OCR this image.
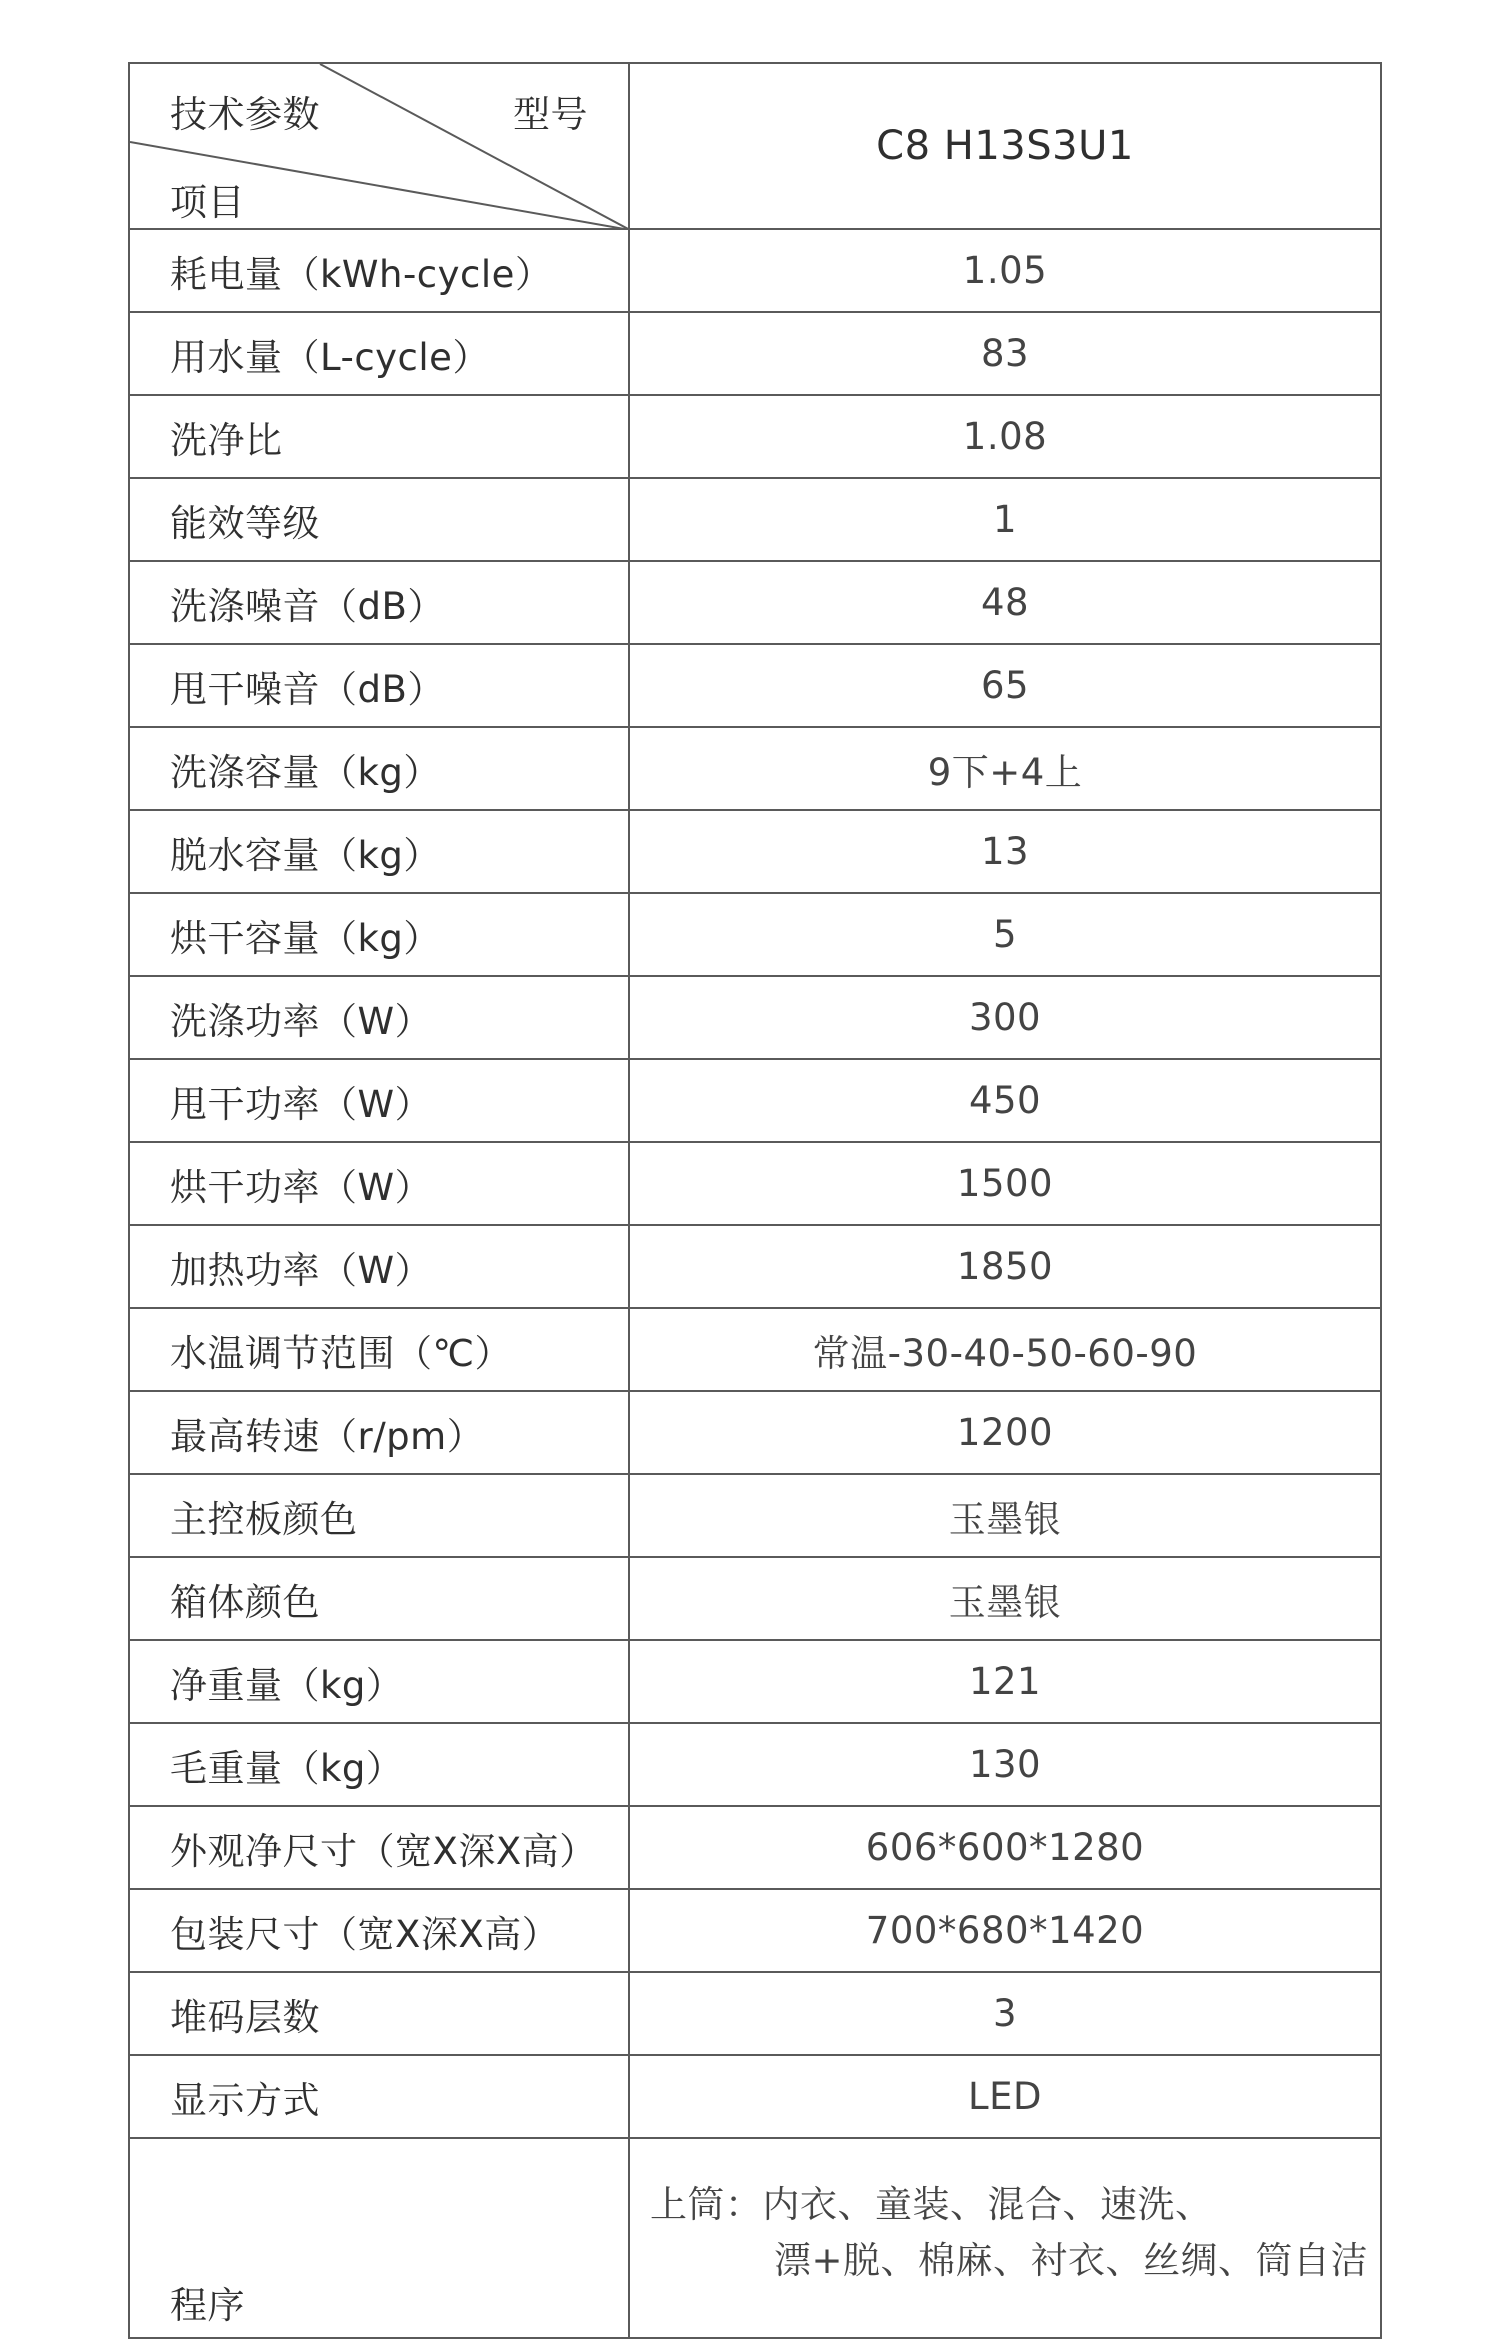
技术参数 型号
项目	C8 H13S3U1
耗电量（kWh-cycle）	1.05
用水量（L-cycle）	83
洗净比	1.08
能效等级	1
洗涤噪音（dB）	48
甩干噪音（dB）	65
洗涤容量（kg）	9下+4上
脱水容量（kg）	13
烘干容量（kg）	5
洗涤功率（W）	300
甩干功率（W）	450
烘干功率（W）	1500
加热功率（W）	1850
水温调节范围（℃）	常温-30-40-50-60-90
最高转速（r/pm）	1200
主控板颜色	玉墨银
箱体颜色	玉墨银
净重量（kg）	121
毛重量（kg）	130
外观净尺寸（宽X深X高）	606*600*1280
包装尺寸（宽X深X高）	700*680*1420
堆码层数	3
显示方式	LED
程序	上筒：内衣、童装、混合、速洗、
漂+脱、棉麻、衬衣、丝绸、筒自洁
